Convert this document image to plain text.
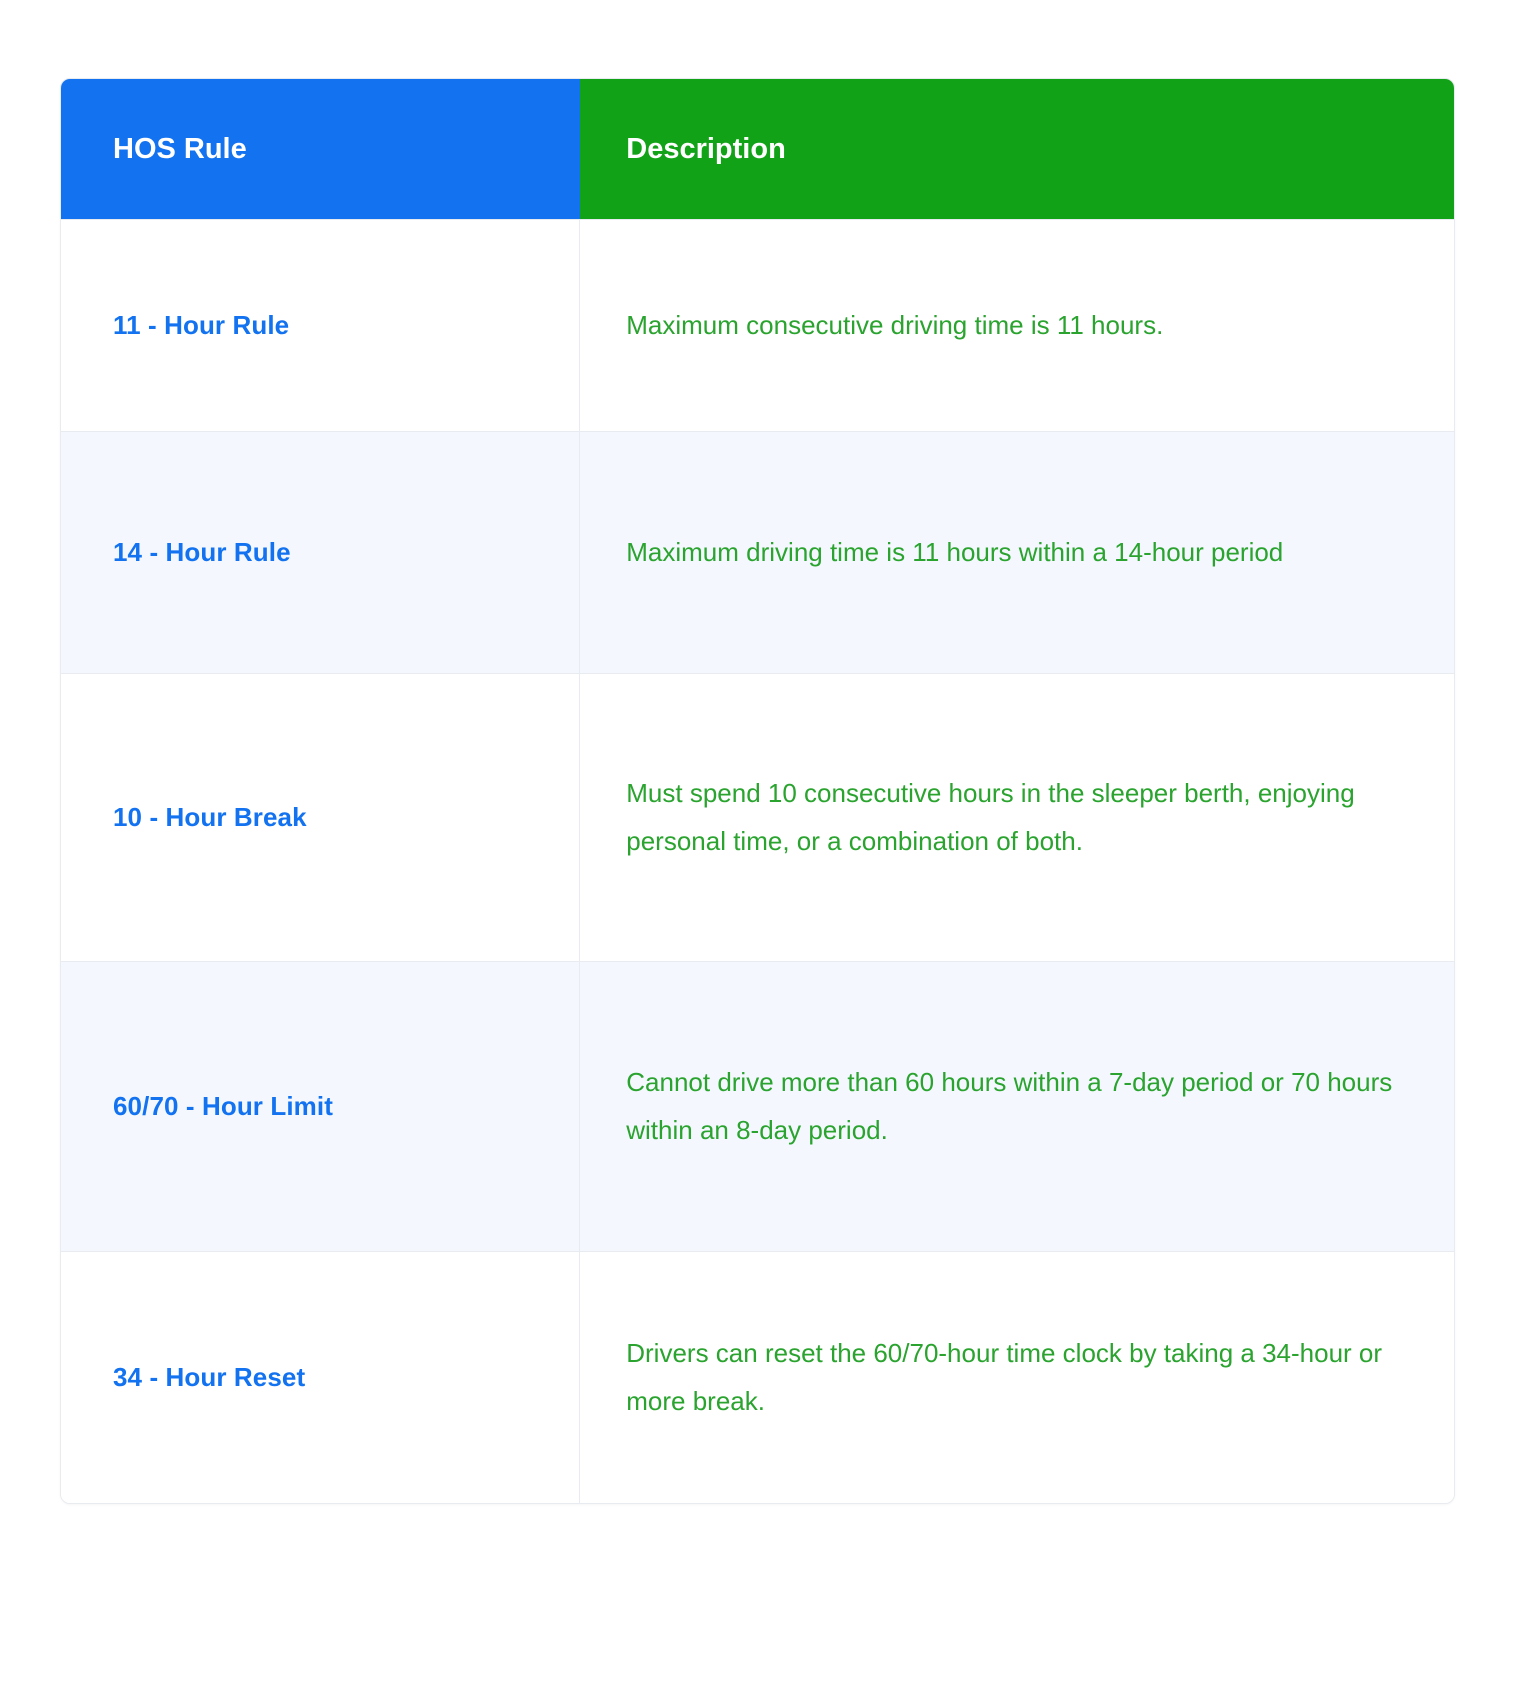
HOS Rule	Description

11 - Hour Rule	Maximum consecutive driving time is 11 hours.
14 - Hour Rule	Maximum driving time is 11 hours within a 14-hour period
10 - Hour Break	Must spend 10 consecutive hours in the sleeper berth, enjoying personal time, or a combination of both.
60/70 - Hour Limit	Cannot drive more than 60 hours within a 7-day period or 70 hours within an 8-day period.
34 - Hour Reset	Drivers can reset the 60/70-hour time clock by taking a 34-hour or more break.
